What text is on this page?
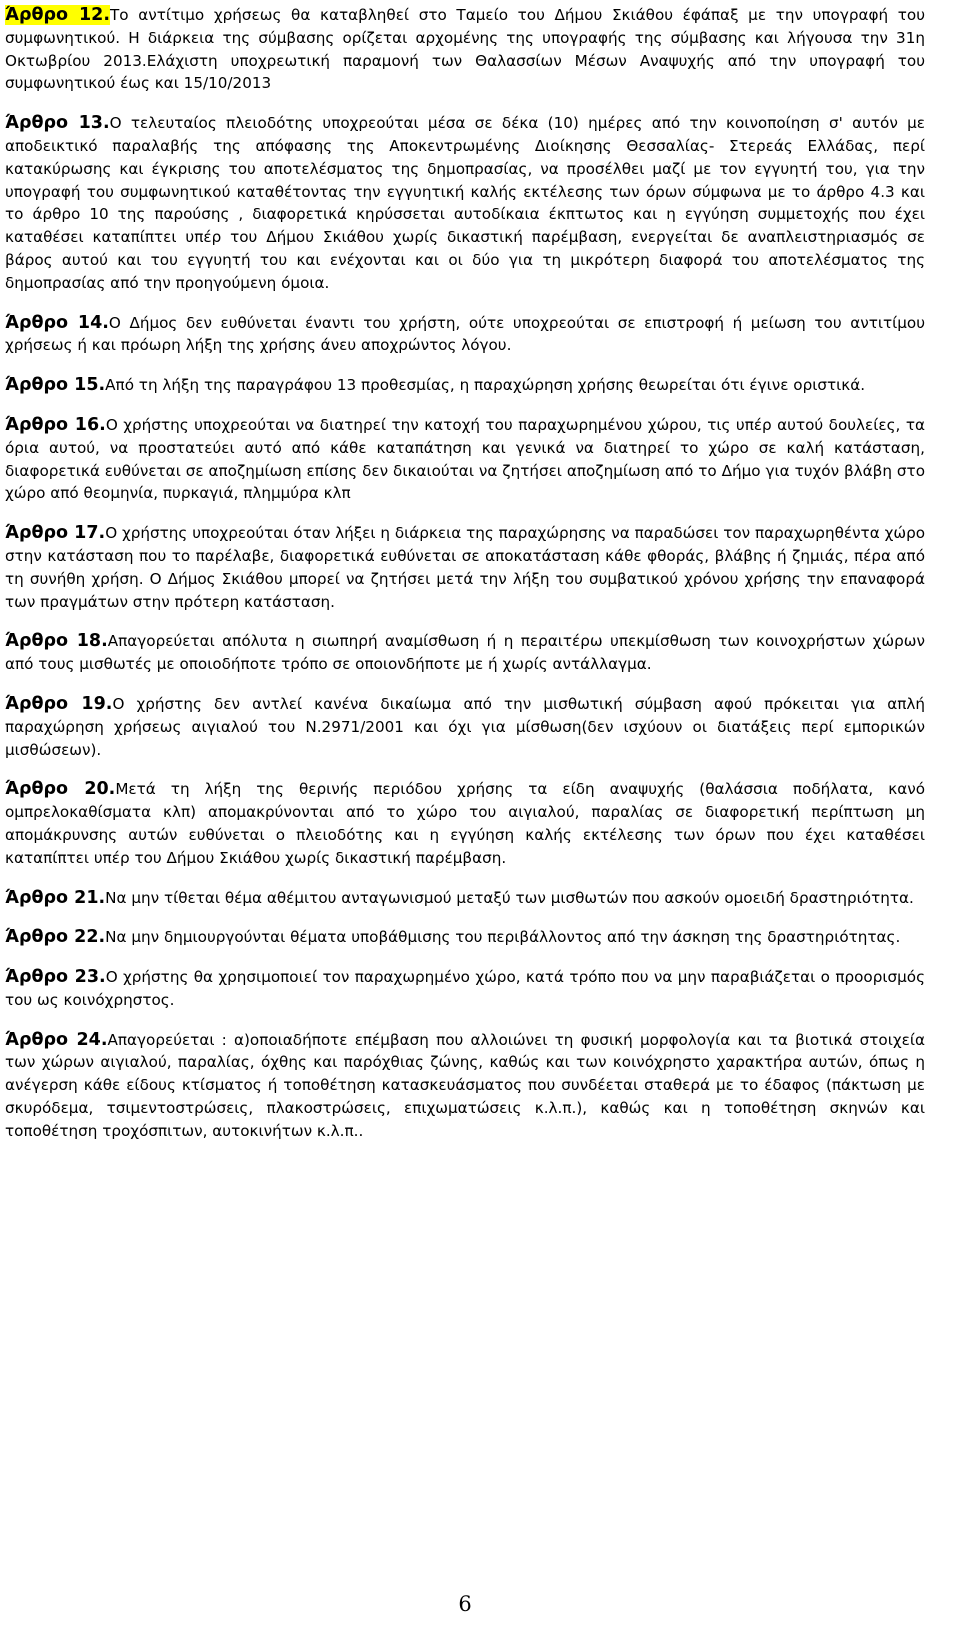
Άρθρο 12.Το αντίτιμο χρήσεως θα καταβληθεί στο Ταμείο του Δήμου Σκιάθου έφάπαξ με την υπογραφή του συμφωνητικού. Η διάρκεια της σύμβασης ορίζεται αρχομένης της υπογραφής της σύμβασης και λήγουσα την 31η Οκτωβρίου 2013.Ελάχιστη υποχρεωτική παραμονή των Θαλασσίων Μέσων Αναψυχής από την υπογραφή του συμφωνητικού έως και 15/10/2013

Άρθρο 13.Ο τελευταίος πλειοδότης υποχρεούται μέσα σε δέκα (10) ημέρες από την κοινοποίηση σ' αυτόν με αποδεικτικό παραλαβής της απόφασης της Αποκεντρωμένης Διοίκησης Θεσσαλίας- Στερεάς Ελλάδας, περί κατακύρωσης και έγκρισης του αποτελέσματος της δημοπρασίας, να προσέλθει μαζί με τον εγγυητή του, για την υπογραφή του συμφωνητικού καταθέτοντας την εγγυητική καλής εκτέλεσης των όρων σύμφωνα με το άρθρο 4.3 και το άρθρο 10 της παρούσης , διαφορετικά κηρύσσεται αυτοδίκαια έκπτωτος και η εγγύηση συμμετοχής που έχει καταθέσει καταπίπτει υπέρ του Δήμου Σκιάθου χωρίς δικαστική παρέμβαση, ενεργείται δε αναπλειστηριασμός σε βάρος αυτού και του εγγυητή του και ενέχονται και οι δύο για τη μικρότερη διαφορά του αποτελέσματος της δημοπρασίας από την προηγούμενη όμοια.

Άρθρο 14.Ο Δήμος δεν ευθύνεται έναντι του χρήστη, ούτε υποχρεούται σε επιστροφή ή μείωση του αντιτίμου χρήσεως ή και πρόωρη λήξη της χρήσης άνευ αποχρώντος λόγου.

Άρθρο 15.Από τη λήξη της παραγράφου 13 προθεσμίας, η παραχώρηση χρήσης θεωρείται ότι έγινε οριστικά.

Άρθρο 16.Ο χρήστης υποχρεούται να διατηρεί την κατοχή του παραχωρημένου χώρου, τις υπέρ αυτού δουλείες, τα όρια αυτού, να προστατεύει αυτό από κάθε καταπάτηση και γενικά να διατηρεί το χώρο σε καλή κατάσταση, διαφορετικά ευθύνεται σε αποζημίωση επίσης δεν δικαιούται να ζητήσει αποζημίωση από το Δήμο για τυχόν βλάβη στο χώρο από θεομηνία, πυρκαγιά, πλημμύρα κλπ

Άρθρο 17.Ο χρήστης υποχρεούται όταν λήξει η διάρκεια της παραχώρησης να παραδώσει τον παραχωρηθέντα χώρο στην κατάσταση που το παρέλαβε, διαφορετικά ευθύνεται σε αποκατάσταση κάθε φθοράς, βλάβης ή ζημιάς, πέρα από τη συνήθη χρήση. Ο Δήμος Σκιάθου μπορεί να ζητήσει μετά την λήξη του συμβατικού χρόνου χρήσης την επαναφορά των πραγμάτων στην πρότερη κατάσταση.

Άρθρο 18.Απαγορεύεται απόλυτα η σιωπηρή αναμίσθωση ή η περαιτέρω υπεκμίσθωση των κοινοχρήστων χώρων από τους μισθωτές με οποιοδήποτε τρόπο σε οποιονδήποτε με ή χωρίς αντάλλαγμα.

Άρθρο 19.Ο χρήστης δεν αντλεί κανένα δικαίωμα από την μισθωτική σύμβαση αφού πρόκειται για απλή παραχώρηση χρήσεως αιγιαλού του Ν.2971/2001 και όχι για μίσθωση(δεν ισχύουν οι διατάξεις περί εμπορικών μισθώσεων).

Άρθρο 20.Μετά τη λήξη της θερινής περιόδου χρήσης τα είδη αναψυχής (θαλάσσια ποδήλατα, κανό ομπρελοκαθίσματα κλπ) απομακρύνονται από το χώρο του αιγιαλού, παραλίας σε διαφορετική περίπτωση μη απομάκρυνσης αυτών ευθύνεται ο πλειοδότης και η εγγύηση καλής εκτέλεσης των όρων που έχει καταθέσει καταπίπτει υπέρ του Δήμου Σκιάθου χωρίς δικαστική παρέμβαση.

Άρθρο 21.Να μην τίθεται θέμα αθέμιτου ανταγωνισμού μεταξύ των μισθωτών που ασκούν ομοειδή δραστηριότητα.

Άρθρο 22.Να μην δημιουργούνται θέματα υποβάθμισης του περιβάλλοντος από την άσκηση της δραστηριότητας.

Άρθρο 23.Ο χρήστης θα χρησιμοποιεί τον παραχωρημένο χώρο, κατά τρόπο που να μην παραβιάζεται ο προορισμός του ως κοινόχρηστος.

Άρθρο 24.Απαγορεύεται : α)οποιαδήποτε επέμβαση που αλλοιώνει τη φυσική μορφολογία και τα βιοτικά στοιχεία των χώρων αιγιαλού, παραλίας, όχθης και παρόχθιας ζώνης, καθώς και των κοινόχρηστο χαρακτήρα αυτών, όπως η ανέγερση κάθε είδους κτίσματος ή τοποθέτηση κατασκευάσματος που συνδέεται σταθερά με το έδαφος (πάκτωση με σκυρόδεμα, τσιμεντοστρώσεις, πλακοστρώσεις, επιχωματώσεις κ.λ.π.), καθώς και η τοποθέτηση σκηνών και τοποθέτηση τροχόσπιτων, αυτοκινήτων κ.λ.π..

6
